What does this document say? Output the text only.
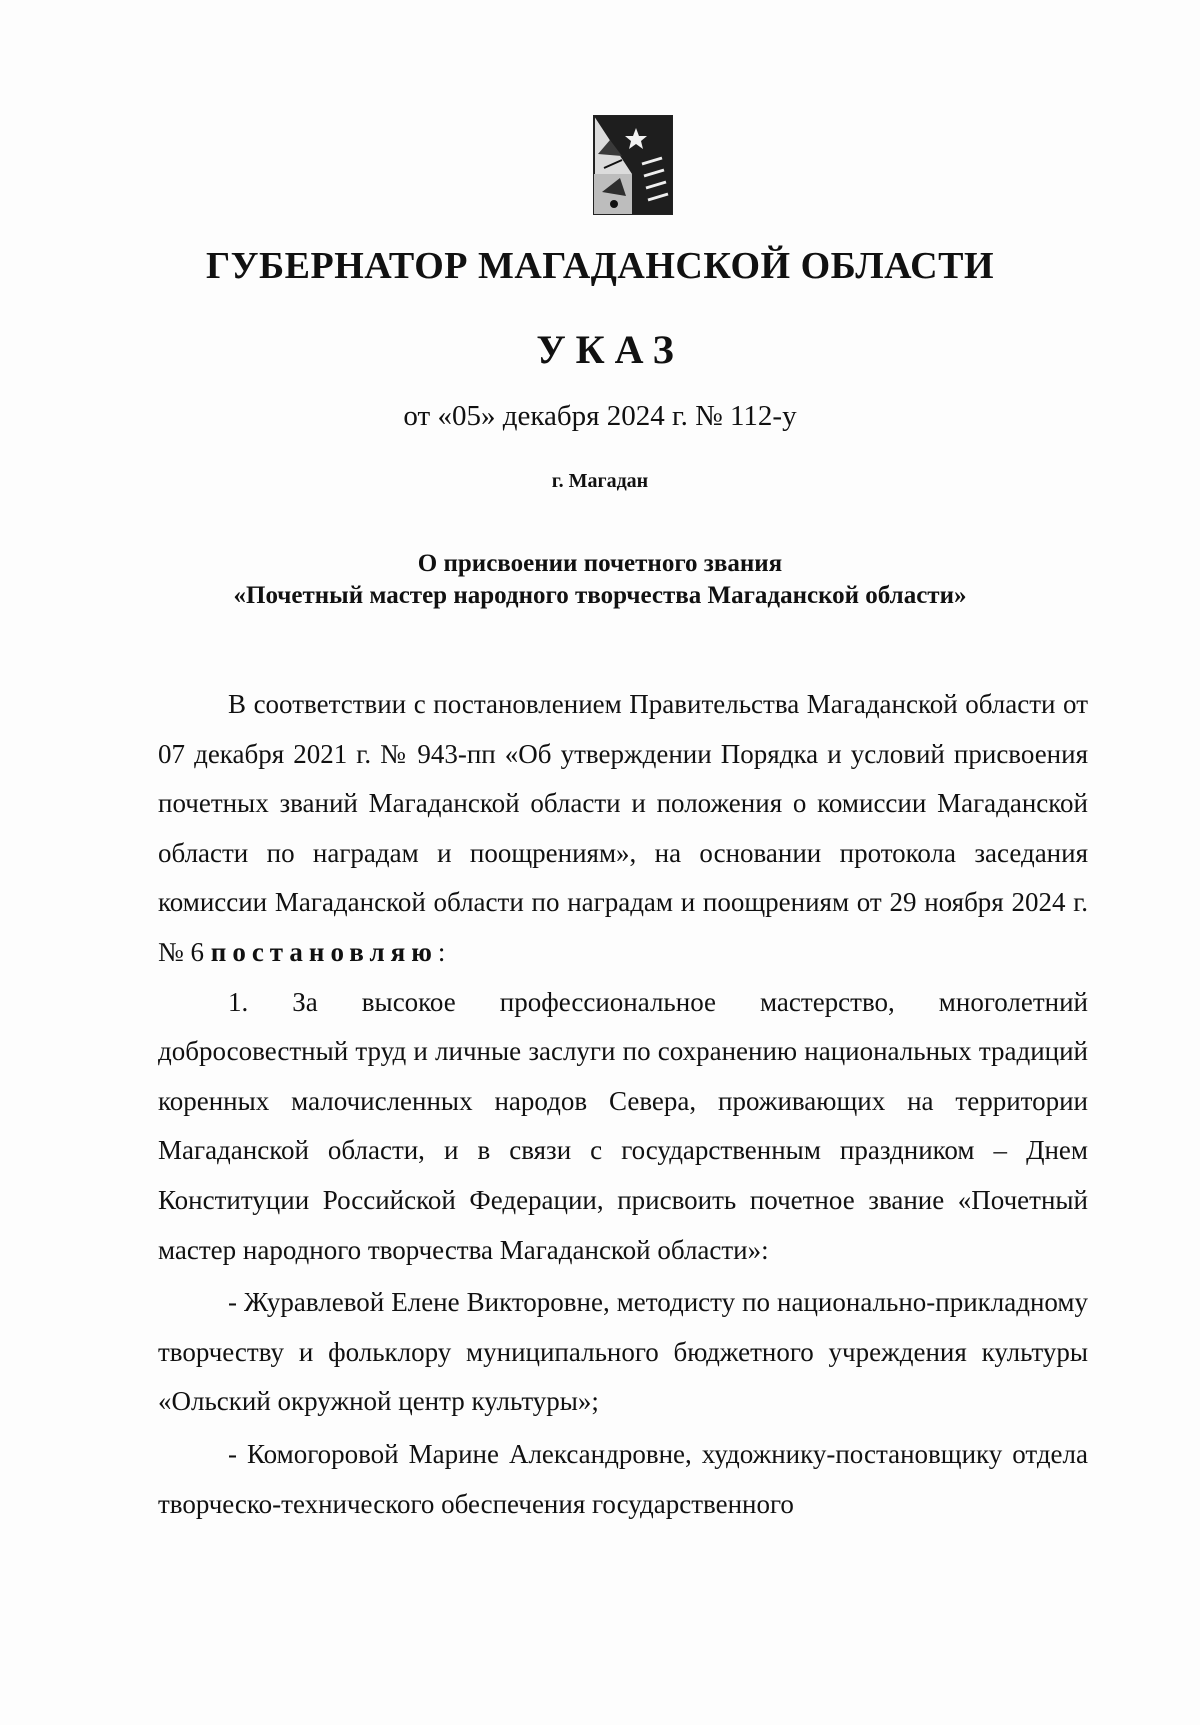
ГУБЕРНАТОР МАГАДАНСКОЙ ОБЛАСТИ
УКАЗ

от «05» декабря 2024 г. № 112-у

г. Магадан

О присвоении почетного звания
«Почетный мастер народного творчества Магаданской области»

В соответствии с постановлением Правительства Магаданской области от 07 декабря 2021 г. № 943-пп «Об утверждении Порядка и условий присвоения почетных званий Магаданской области и положения о комиссии Магаданской области по наградам и поощрениям», на основании протокола заседания комиссии Магаданской области по наградам и поощрениям от 29 ноября 2024 г. № 6 постановляю:

1. За высокое профессиональное мастерство, многолетний добросовестный труд и личные заслуги по сохранению национальных традиций коренных малочисленных народов Севера, проживающих на территории Магаданской области, и в связи с государственным праздником – Днем Конституции Российской Федерации, присвоить почетное звание «Почетный мастер народного творчества Магаданской области»:

- Журавлевой Елене Викторовне, методисту по национально-прикладному творчеству и фольклору муниципального бюджетного учреждения культуры «Ольский окружной центр культуры»;

- Комогоровой Марине Александровне, художнику-постановщику отдела творческо-технического обеспечения государственного
